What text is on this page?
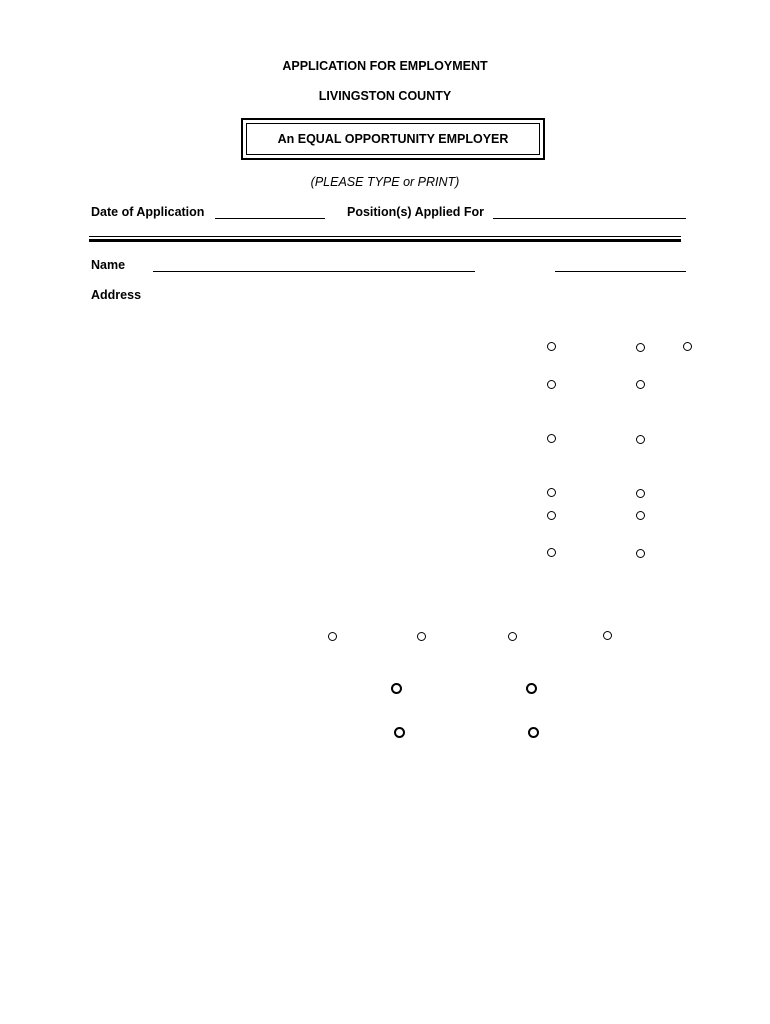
APPLICATION FOR EMPLOYMENT
LIVINGSTON COUNTY
An EQUAL OPPORTUNITY EMPLOYER
(PLEASE TYPE or PRINT)
Date of Application	Position(s) Applied For
Name
Address
